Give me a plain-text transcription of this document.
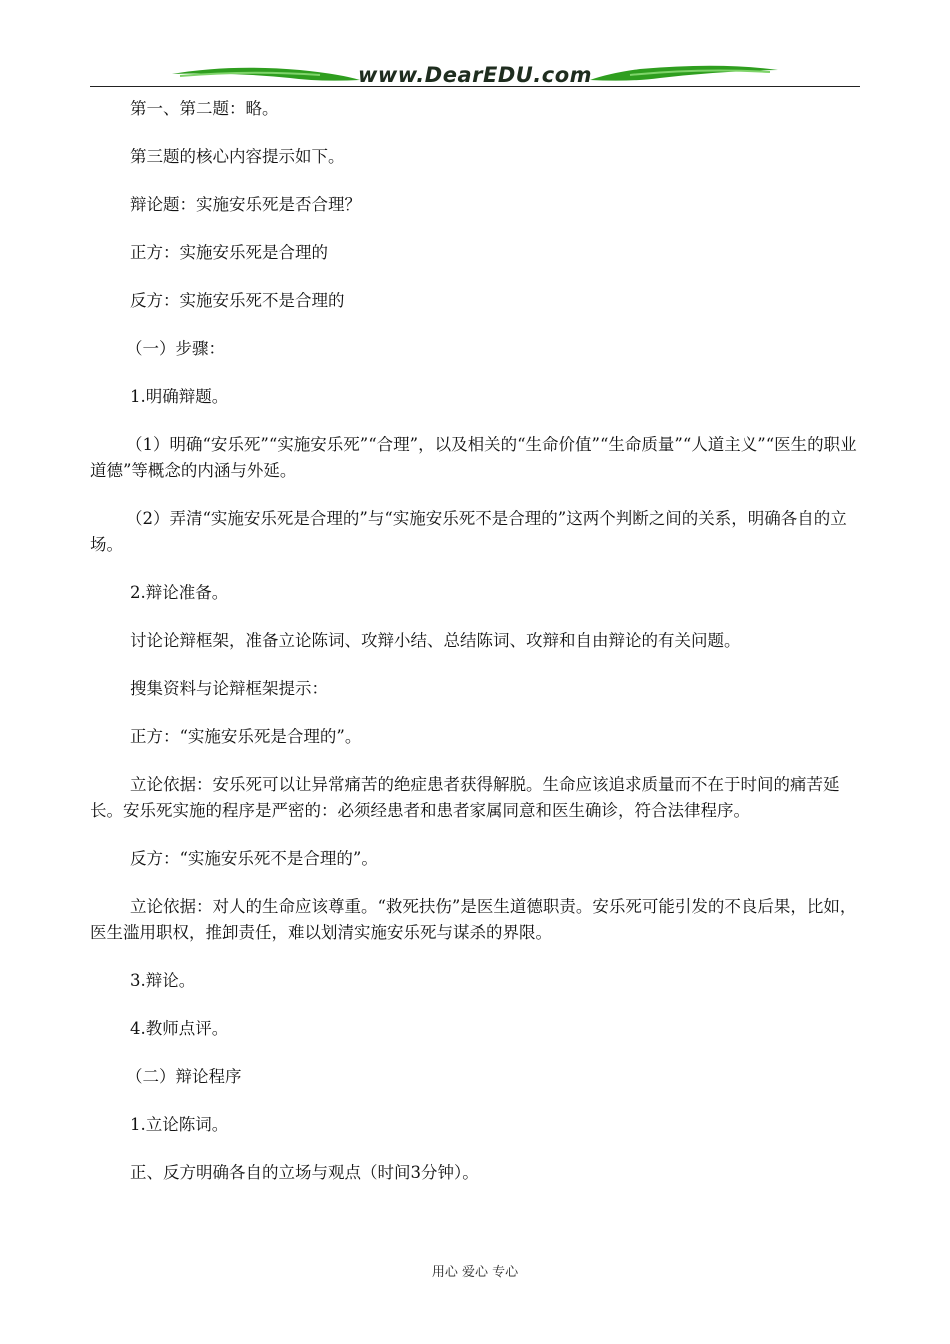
www.DearEDU.com

第一、第二题：略。

第三题的核心内容提示如下。

辩论题：实施安乐死是否合理？

正方：实施安乐死是合理的

反方：实施安乐死不是合理的

（一）步骤：

1.明确辩题。

（1）明确“安乐死”“实施安乐死”“合理”，以及相关的“生命价值”“生命质量”“人道主义”“医生的职业道德”等概念的内涵与外延。

（2）弄清“实施安乐死是合理的”与“实施安乐死不是合理的”这两个判断之间的关系，明确各自的立场。

2.辩论准备。

讨论论辩框架，准备立论陈词、攻辩小结、总结陈词、攻辩和自由辩论的有关问题。

搜集资料与论辩框架提示：

正方：“实施安乐死是合理的”。

立论依据：安乐死可以让异常痛苦的绝症患者获得解脱。生命应该追求质量而不在于时间的痛苦延长。安乐死实施的程序是严密的：必须经患者和患者家属同意和医生确诊，符合法律程序。

反方：“实施安乐死不是合理的”。

立论依据：对人的生命应该尊重。“救死扶伤”是医生道德职责。安乐死可能引发的不良后果，比如，医生滥用职权，推卸责任，难以划清实施安乐死与谋杀的界限。

3.辩论。

4.教师点评。

（二）辩论程序

1.立论陈词。

正、反方明确各自的立场与观点（时间3分钟）。

用心 爱心 专心
